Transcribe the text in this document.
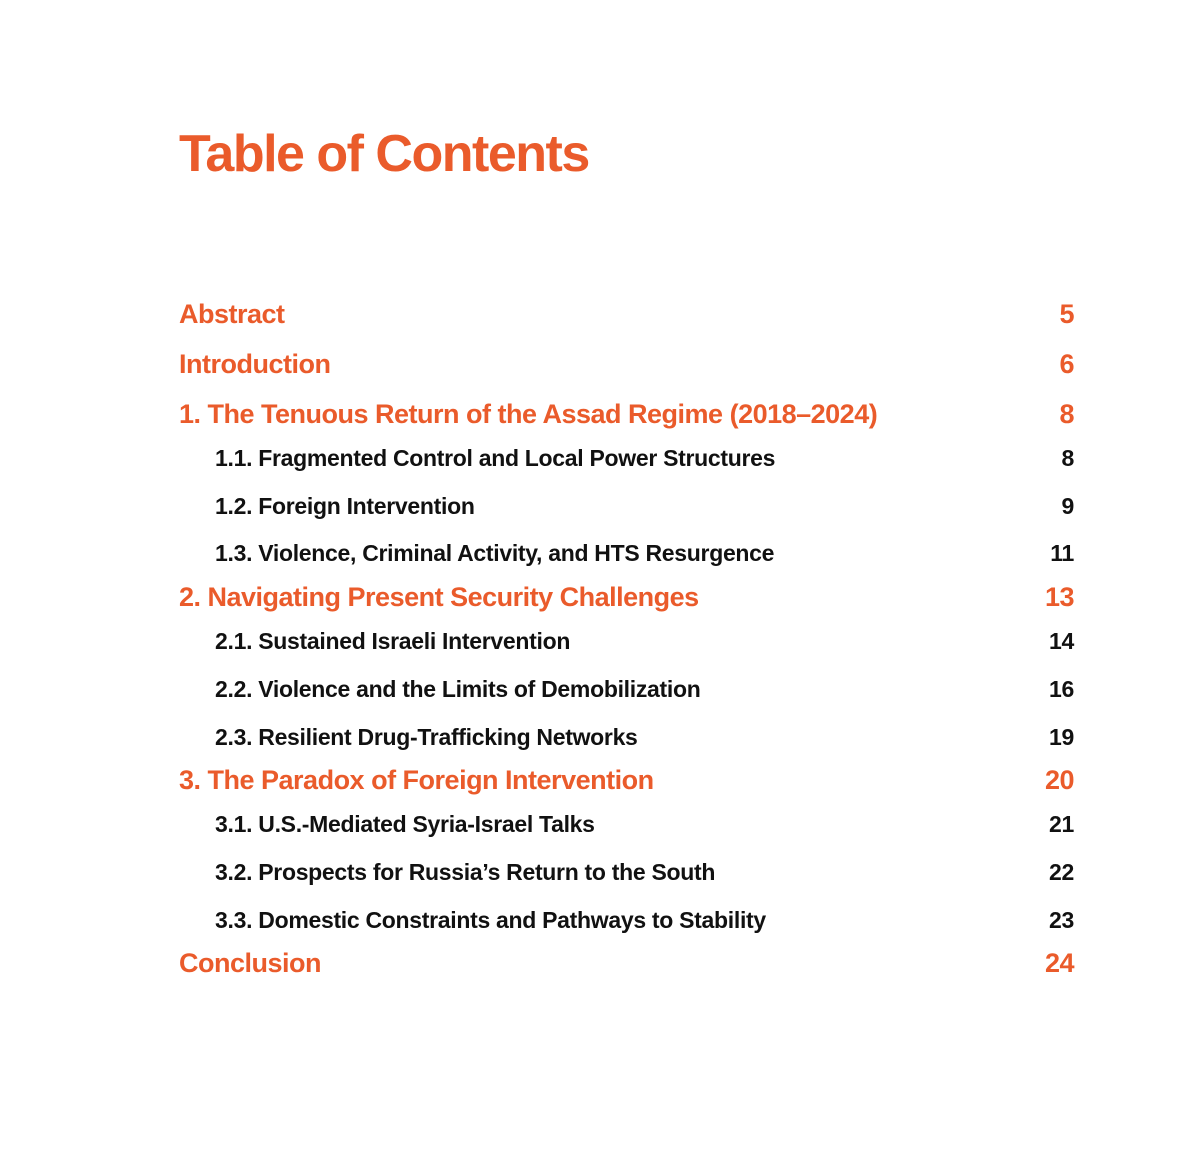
Table of Contents
Abstract	5
Introduction	6
1. The Tenuous Return of the Assad Regime (2018–2024)	8
1.1. Fragmented Control and Local Power Structures	8
1.2. Foreign Intervention	9
1.3. Violence, Criminal Activity, and HTS Resurgence	11
2. Navigating Present Security Challenges	13
2.1. Sustained Israeli Intervention	14
2.2. Violence and the Limits of Demobilization	16
2.3. Resilient Drug-Trafficking Networks	19
3. The Paradox of Foreign Intervention	20
3.1. U.S.-Mediated Syria-Israel Talks	21
3.2. Prospects for Russia’s Return to the South	22
3.3. Domestic Constraints and Pathways to Stability	23
Conclusion	24
